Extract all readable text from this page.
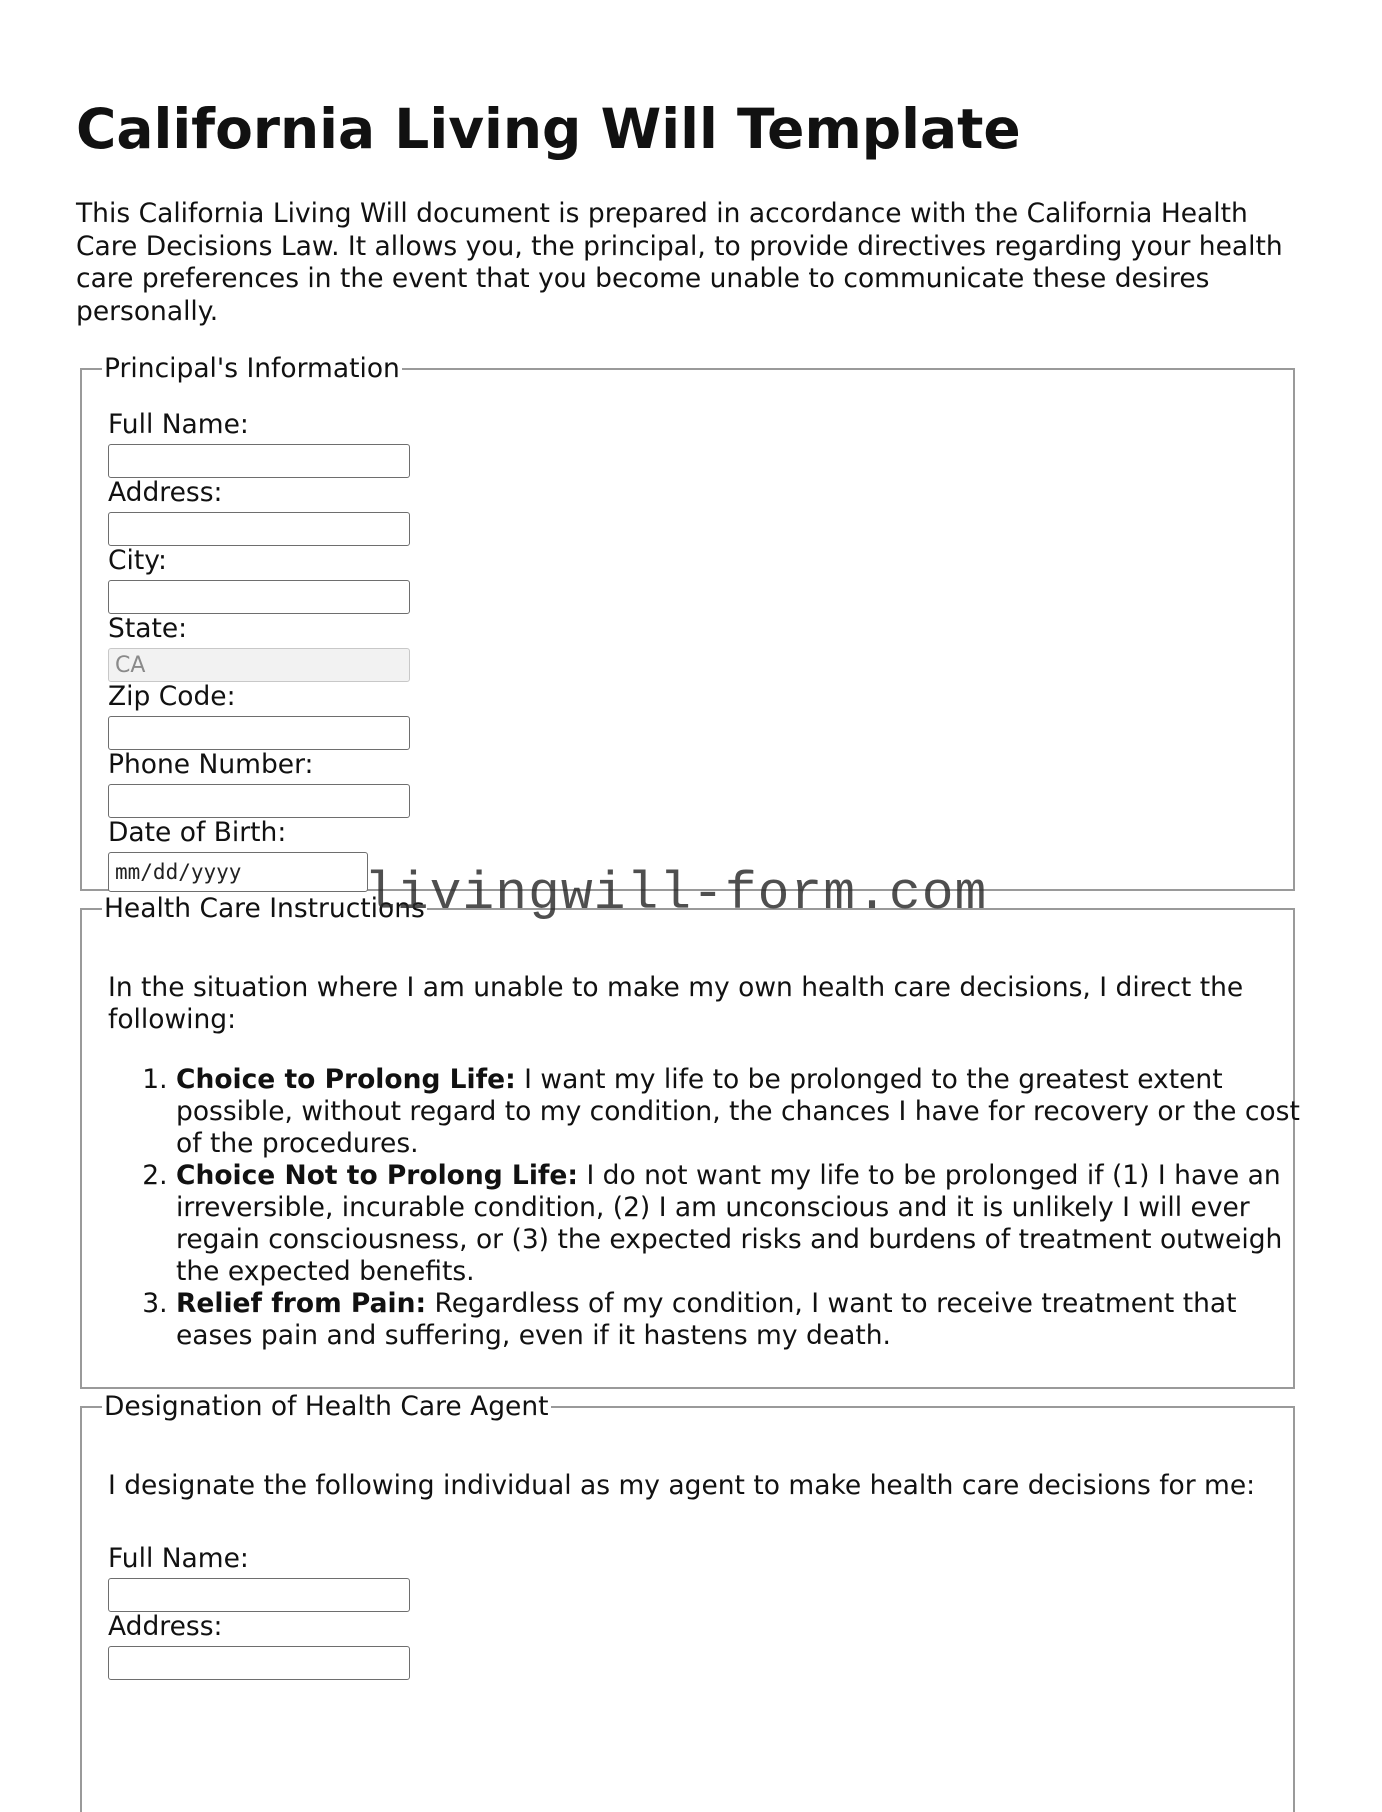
California Living Will Template

This California Living Will document is prepared in accordance with the California Health Care Decisions Law. It allows you, the principal, to provide directives regarding your health care preferences in the event that you become unable to communicate these desires personally.

Principal's Information
Full Name:
Address:
City:
State:
CA
Zip Code:
Phone Number:
Date of Birth:
mm/dd/yyyy
Health Care Instructions

In the situation where I am unable to make my own health care decisions, I direct the following:

1. Choice to Prolong Life: I want my life to be prolonged to the greatest extent possible, without regard to my condition, the chances I have for recovery or the cost of the procedures.
2. Choice Not to Prolong Life: I do not want my life to be prolonged if (1) I have an irreversible, incurable condition, (2) I am unconscious and it is unlikely I will ever regain consciousness, or (3) the expected risks and burdens of treatment outweigh the expected benefits.
3. Relief from Pain: Regardless of my condition, I want to receive treatment that eases pain and suffering, even if it hastens my death.
Designation of Health Care Agent

I designate the following individual as my agent to make health care decisions for me:

Full Name:
Address:
livingwill-form.com
